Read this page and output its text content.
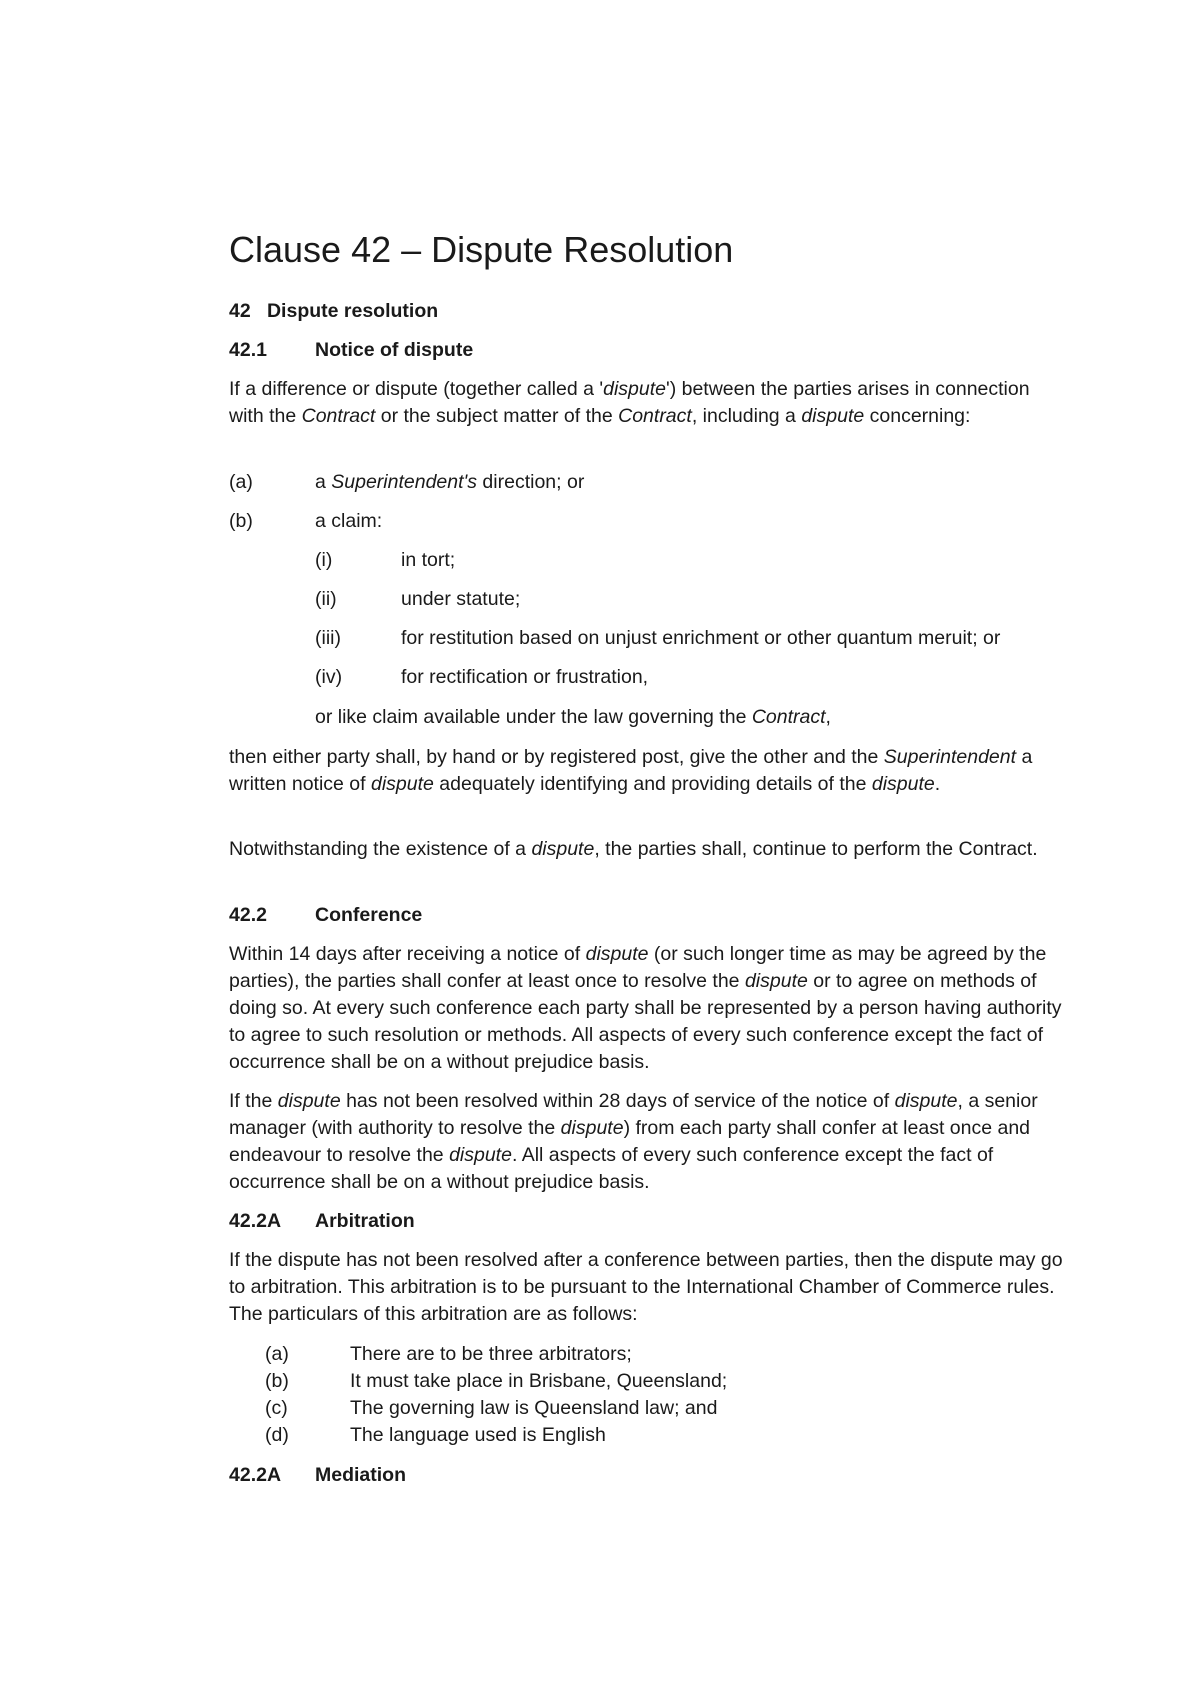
Clause 42 – Dispute Resolution

42 Dispute resolution

42.1 Notice of dispute

If a difference or dispute (together called a 'dispute') between the parties arises in connection with the Contract or the subject matter of the Contract, including a dispute concerning:

(a)	a Superintendent's direction; or

(b)	a claim:

(i)	in tort;

(ii)	under statute;

(iii)	for restitution based on unjust enrichment or other quantum meruit; or

(iv)	for rectification or frustration,

or like claim available under the law governing the Contract,

then either party shall, by hand or by registered post, give the other and the Superintendent a written notice of dispute adequately identifying and providing details of the dispute.

Notwithstanding the existence of a dispute, the parties shall, continue to perform the Contract.

42.2 Conference

Within 14 days after receiving a notice of dispute (or such longer time as may be agreed by the parties), the parties shall confer at least once to resolve the dispute or to agree on methods of doing so. At every such conference each party shall be represented by a person having authority to agree to such resolution or methods. All aspects of every such conference except the fact of occurrence shall be on a without prejudice basis.

If the dispute has not been resolved within 28 days of service of the notice of dispute, a senior manager (with authority to resolve the dispute) from each party shall confer at least once and endeavour to resolve the dispute. All aspects of every such conference except the fact of occurrence shall be on a without prejudice basis.

42.2A Arbitration

If the dispute has not been resolved after a conference between parties, then the dispute may go to arbitration. This arbitration is to be pursuant to the International Chamber of Commerce rules. The particulars of this arbitration are as follows:

(a)	There are to be three arbitrators;

(b)	It must take place in Brisbane, Queensland;

(c)	The governing law is Queensland law; and

(d)	The language used is English

42.2A Mediation
